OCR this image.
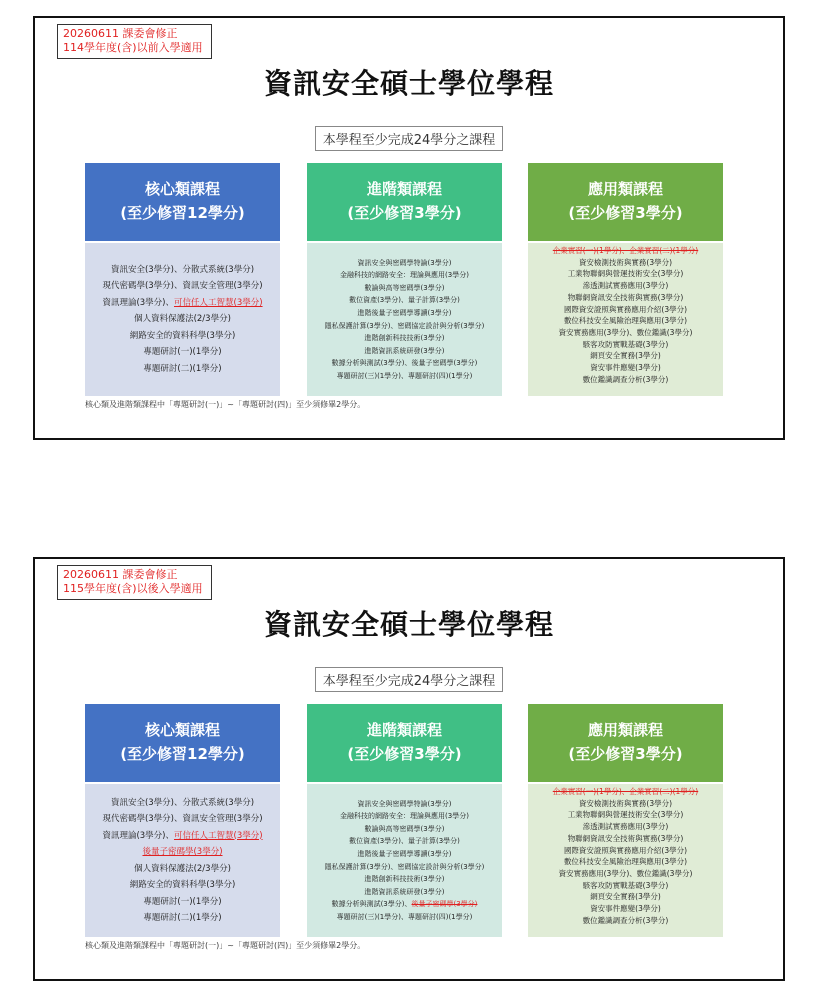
20260611 課委會修正
114學年度(含)以前入學適用
資訊安全碩士學位學程
本學程至少完成24學分之課程
核心類課程
(至少修習12學分)
資訊安全(3學分)、分散式系統(3學分)
現代密碼學(3學分)、資訊安全管理(3學分)
資訊理論(3學分)、可信任人工智慧(3學分)
個人資料保護法(2/3學分)
網路安全的資料科學(3學分)
專題研討(一)(1學分)
專題研討(二)(1學分)
進階類課程
(至少修習3學分)
資訊安全與密碼學特論(3學分)
金融科技的網路安全：理論與應用(3學分)
數論與高等密碼學(3學分)
數位資產(3學分)、量子計算(3學分)
進階後量子密碼學導讀(3學分)
隱私保護計算(3學分)、密碼協定設計與分析(3學分)
進階創新科技技術(3學分)
進階資訊系統研發(3學分)
數據分析與測試(3學分)、後量子密碼學(3學分)
專題研討(三)(1學分)、專題研討(四)(1學分)
應用類課程
(至少修習3學分)
企業實習(一)(1學分)、企業實習(二)(1學分)
資安檢測技術與實務(3學分)
工業物聯網與營運技術安全(3學分)
滲透測試實務應用(3學分)
物聯網資訊安全技術與實務(3學分)
國際資安證照與實務應用介紹(3學分)
數位科技安全風險治理與應用(3學分)
資安實務應用(3學分)、數位鑑識(3學分)
駭客攻防實戰基礎(3學分)
網頁安全實務(3學分)
資安事件應變(3學分)
數位鑑識調查分析(3學分)
核心類及進階類課程中「專題研討(一)」~「專題研討(四)」至少須修畢2學分。
20260611 課委會修正
115學年度(含)以後入學適用
資訊安全碩士學位學程
本學程至少完成24學分之課程
核心類課程
(至少修習12學分)
資訊安全(3學分)、分散式系統(3學分)
現代密碼學(3學分)、資訊安全管理(3學分)
資訊理論(3學分)、可信任人工智慧(3學分)
後量子密碼學(3學分)
個人資料保護法(2/3學分)
網路安全的資料科學(3學分)
專題研討(一)(1學分)
專題研討(二)(1學分)
進階類課程
(至少修習3學分)
資訊安全與密碼學特論(3學分)
金融科技的網路安全：理論與應用(3學分)
數論與高等密碼學(3學分)
數位資產(3學分)、量子計算(3學分)
進階後量子密碼學導讀(3學分)
隱私保護計算(3學分)、密碼協定設計與分析(3學分)
進階創新科技技術(3學分)
進階資訊系統研發(3學分)
數據分析與測試(3學分)、後量子密碼學(3學分)
專題研討(三)(1學分)、專題研討(四)(1學分)
應用類課程
(至少修習3學分)
企業實習(一)(1學分)、企業實習(二)(1學分)
資安檢測技術與實務(3學分)
工業物聯網與營運技術安全(3學分)
滲透測試實務應用(3學分)
物聯網資訊安全技術與實務(3學分)
國際資安證照與實務應用介紹(3學分)
數位科技安全風險治理與應用(3學分)
資安實務應用(3學分)、數位鑑識(3學分)
駭客攻防實戰基礎(3學分)
網頁安全實務(3學分)
資安事件應變(3學分)
數位鑑識調查分析(3學分)
核心類及進階類課程中「專題研討(一)」~「專題研討(四)」至少須修畢2學分。
